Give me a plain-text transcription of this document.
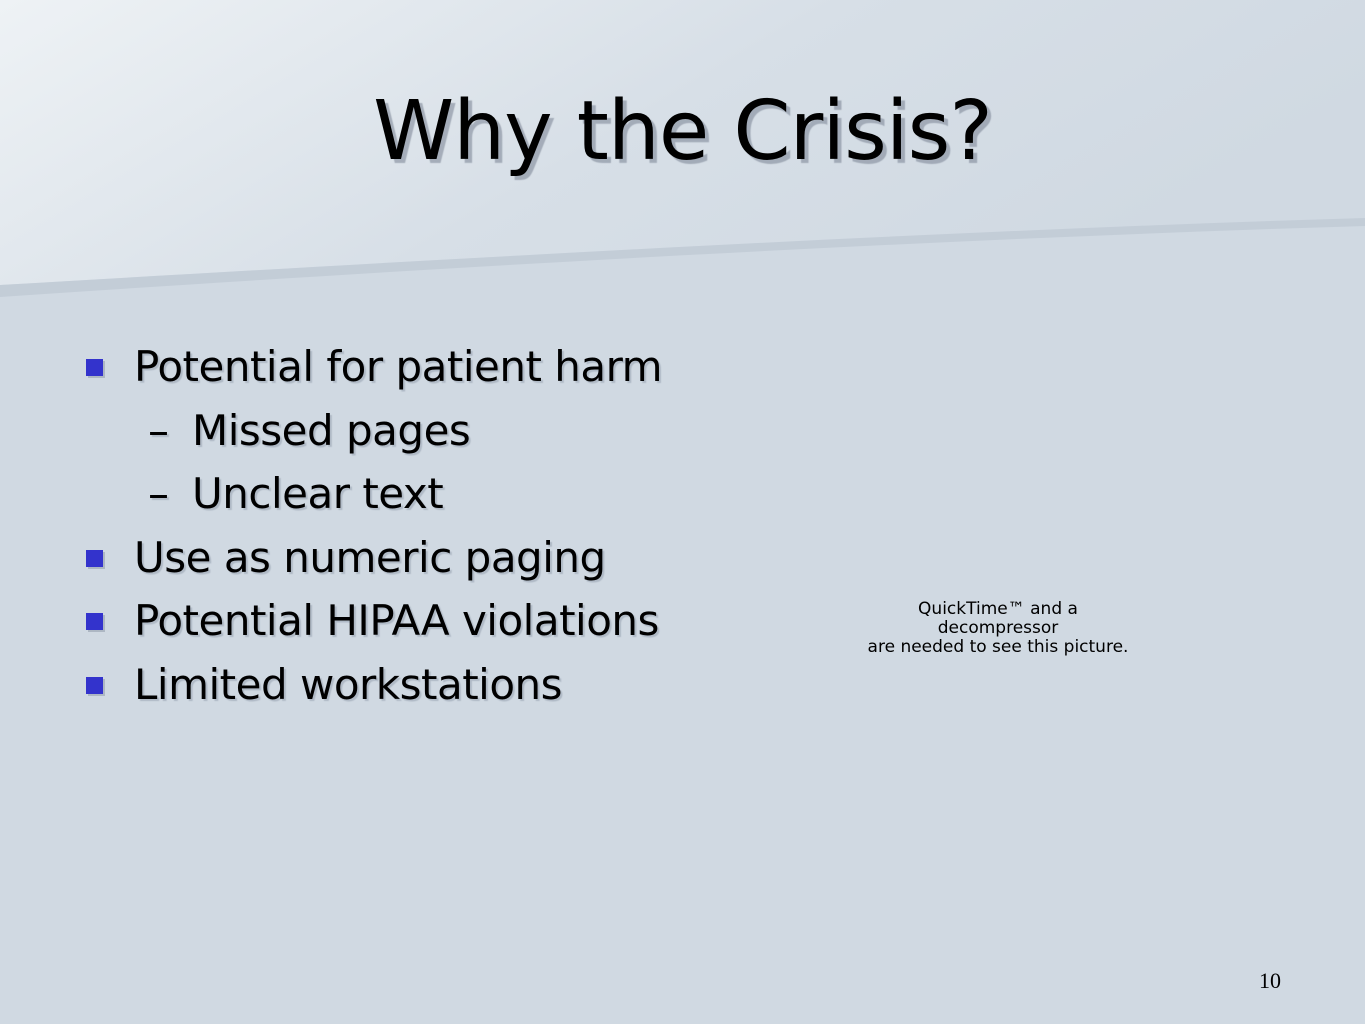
Why the Crisis?
Potential for patient harm
– Missed pages
– Unclear text
Use as numeric paging
Potential HIPAA violations
Limited workstations
QuickTime™ and a
decompressor
are needed to see this picture.
10
